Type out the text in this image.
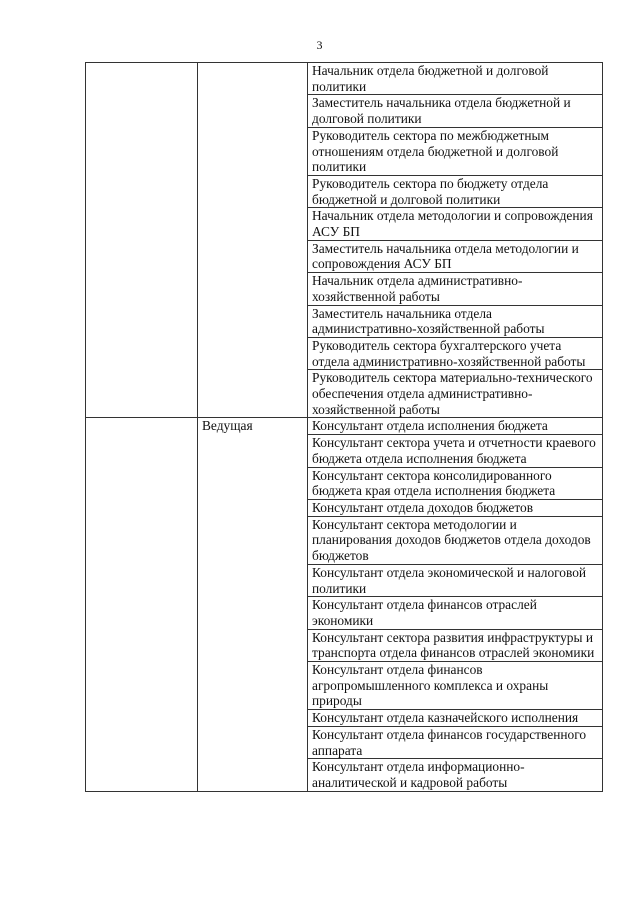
3
		Начальник отдела бюджетной и долговой политики
		Заместитель начальника отдела бюджетной и долговой политики
		Руководитель сектора по межбюджетным отношениям отдела бюджетной и долговой политики
		Руководитель сектора по бюджету отдела бюджетной и долговой политики
		Начальник отдела методологии и сопровождения АСУ БП
		Заместитель начальника отдела методологии и сопровождения АСУ БП
		Начальник отдела административно-хозяйственной работы
		Заместитель начальника отдела административно-хозяйственной работы
		Руководитель сектора бухгалтерского учета отдела административно-хозяйственной работы
		Руководитель сектора материально-технического обеспечения отдела административно-хозяйственной работы
	Ведущая	Консультант отдела исполнения бюджета
		Консультант сектора учета и отчетности краевого бюджета отдела исполнения бюджета
		Консультант сектора консолидированного бюджета края отдела исполнения бюджета
		Консультант отдела доходов бюджетов
		Консультант сектора методологии и планирования доходов бюджетов отдела доходов бюджетов
		Консультант отдела экономической и налоговой политики
		Консультант отдела финансов отраслей экономики
		Консультант сектора развития инфраструктуры и транспорта отдела финансов отраслей экономики
		Консультант отдела финансов агропромышленного комплекса и охраны природы
		Консультант отдела казначейского исполнения
		Консультант отдела финансов государственного аппарата
		Консультант отдела информационно-аналитической и кадровой работы
